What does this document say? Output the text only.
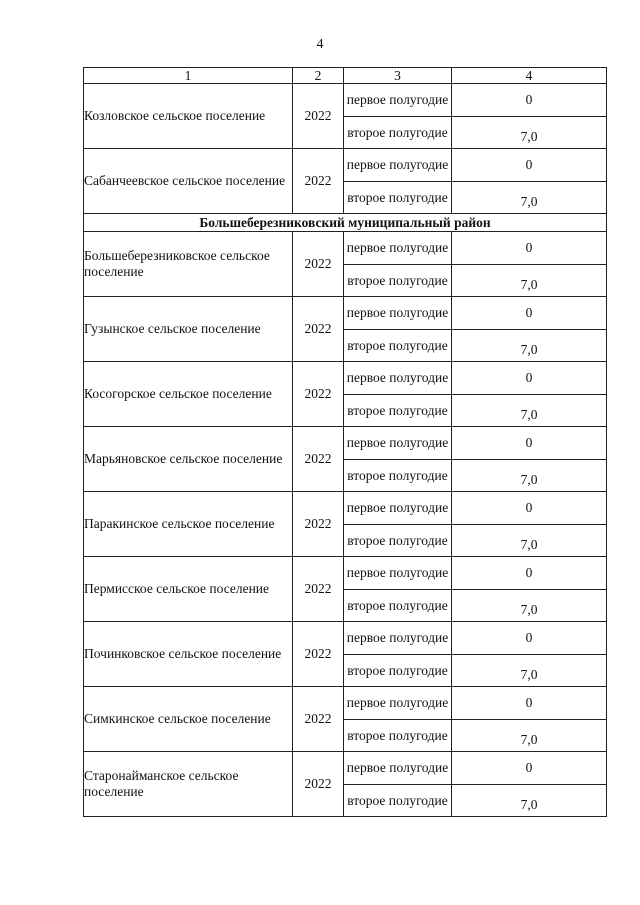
4
1	2	3	4
Козловское сельское поселение	2022	первое полугодие	0
		второе полугодие	7,0
Сабанчеевское сельское поселение	2022	первое полугодие	0
		второе полугодие	7,0
Большеберезниковский муниципальный район			
Большеберезниковское сельское поселение	2022	первое полугодие	0
		второе полугодие	7,0
Гузынское сельское поселение	2022	первое полугодие	0
		второе полугодие	7,0
Косогорское сельское поселение	2022	первое полугодие	0
		второе полугодие	7,0
Марьяновское сельское поселение	2022	первое полугодие	0
		второе полугодие	7,0
Паракинское сельское поселение	2022	первое полугодие	0
		второе полугодие	7,0
Пермисское сельское поселение	2022	первое полугодие	0
		второе полугодие	7,0
Починковское сельское поселение	2022	первое полугодие	0
		второе полугодие	7,0
Симкинское сельское поселение	2022	первое полугодие	0
		второе полугодие	7,0
Старонайманское сельское поселение	2022	первое полугодие	0
		второе полугодие	7,0
